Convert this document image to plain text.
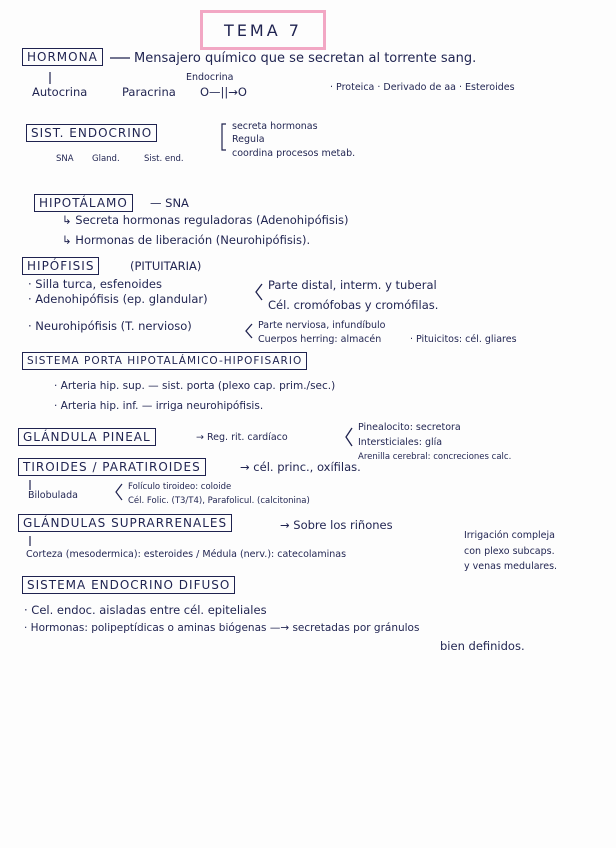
TEMA 7
HORMONA	Mensajero químico que se secretan al torrente sang.
Endocrina
Autocrina	Paracrina O—||→O	· Proteica · Derivado de aa · Esteroides
SIST. ENDOCRINO	secreta hormonas
Regula
coordina procesos metab.
SNA Gland.	Sist. end.
HIPOTÁLAMO	— SNA
↳ Secreta hormonas reguladoras (Adenohipófisis)
↳ Hormonas de liberación (Neurohipófisis).
HIPÓFISIS	(PITUITARIA)
· Silla turca, esfenoides
· Adenohipófisis (ep. glandular)
Parte distal, interm. y tuberal
Cél. cromófobas y cromófilas.
· Neurohipófisis (T. nervioso)	Parte nerviosa, infundíbulo
Cuerpos herring: almacén	· Pituicitos: cél. gliares
SISTEMA PORTA HIPOTALÁMICO-HIPOFISARIO
· Arteria hip. sup. — sist. porta (plexo cap. prim./sec.)
· Arteria hip. inf. — irriga neurohipófisis.
GLÁNDULA PINEAL	→ Reg. rit. cardíaco
Pinealocito: secretora
Intersticiales: glía
Arenilla cerebral: concreciones calc.
TIROIDES / PARATIROIDES	→ cél. princ., oxífilas.
Bilobulada
Folículo tiroideo: coloide
Cél. Folic. (T3/T4), Parafolicul. (calcitonina)
GLÁNDULAS SUPRARRENALES	→ Sobre los riñones
Corteza (mesodermica): esteroides / Médula (nerv.): catecolaminas
Irrigación compleja
con plexo subcaps.
y venas medulares.
SISTEMA ENDOCRINO DIFUSO
· Cel. endoc. aisladas entre cél. epiteliales
· Hormonas: polipeptídicas o aminas biógenas —→ secretadas por gránulos
bien definidos.
